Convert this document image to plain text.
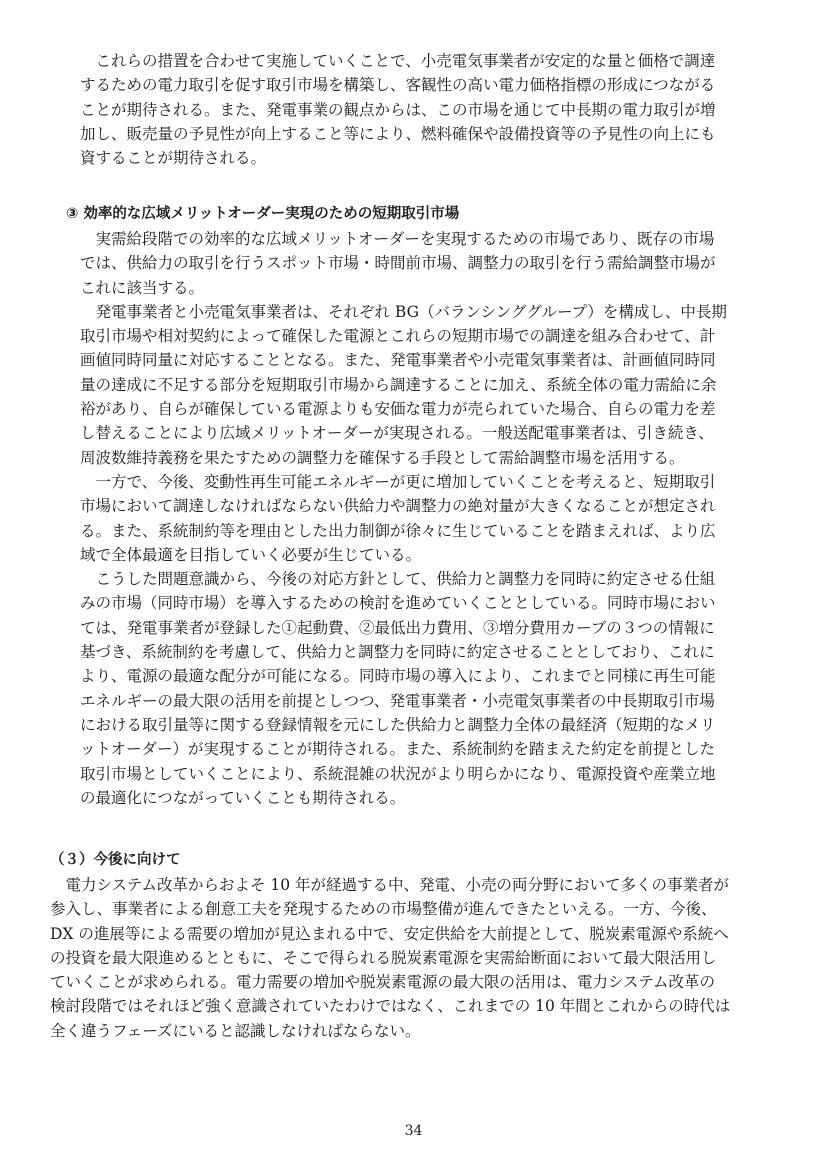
　これらの措置を合わせて実施していくことで、小売電気事業者が安定的な量と価格で調達
するための電力取引を促す取引市場を構築し、客観性の高い電力価格指標の形成につながる
ことが期待される。また、発電事業の観点からは、この市場を通じて中長期の電力取引が増
加し、販売量の予見性が向上すること等により、燃料確保や設備投資等の予見性の向上にも
資することが期待される。
③ 効率的な広域メリットオーダー実現のための短期取引市場
　実需給段階での効率的な広域メリットオーダーを実現するための市場であり、既存の市場
では、供給力の取引を行うスポット市場・時間前市場、調整力の取引を行う需給調整市場が
これに該当する。
　発電事業者と小売電気事業者は、それぞれ BG（バランシンググループ）を構成し、中長期
取引市場や相対契約によって確保した電源とこれらの短期市場での調達を組み合わせて、計
画値同時同量に対応することとなる。また、発電事業者や小売電気事業者は、計画値同時同
量の達成に不足する部分を短期取引市場から調達することに加え、系統全体の電力需給に余
裕があり、自らが確保している電源よりも安価な電力が売られていた場合、自らの電力を差
し替えることにより広域メリットオーダーが実現される。一般送配電事業者は、引き続き、
周波数維持義務を果たすための調整力を確保する手段として需給調整市場を活用する。
　一方で、今後、変動性再生可能エネルギーが更に増加していくことを考えると、短期取引
市場において調達しなければならない供給力や調整力の絶対量が大きくなることが想定され
る。また、系統制約等を理由とした出力制御が徐々に生じていることを踏まえれば、より広
域で全体最適を目指していく必要が生じている。
　こうした問題意識から、今後の対応方針として、供給力と調整力を同時に約定させる仕組
みの市場（同時市場）を導入するための検討を進めていくこととしている。同時市場におい
ては、発電事業者が登録した①起動費、②最低出力費用、③増分費用カーブの３つの情報に
基づき、系統制約を考慮して、供給力と調整力を同時に約定させることとしており、これに
より、電源の最適な配分が可能になる。同時市場の導入により、これまでと同様に再生可能
エネルギーの最大限の活用を前提としつつ、発電事業者・小売電気事業者の中長期取引市場
における取引量等に関する登録情報を元にした供給力と調整力全体の最経済（短期的なメリ
ットオーダー）が実現することが期待される。また、系統制約を踏まえた約定を前提とした
取引市場としていくことにより、系統混雑の状況がより明らかになり、電源投資や産業立地
の最適化につながっていくことも期待される。
（３）今後に向けて
　電力システム改革からおよそ 10 年が経過する中、発電、小売の両分野において多くの事業者が
参入し、事業者による創意工夫を発現するための市場整備が進んできたといえる。一方、今後、
DX の進展等による需要の増加が見込まれる中で、安定供給を大前提として、脱炭素電源や系統へ
の投資を最大限進めるとともに、そこで得られる脱炭素電源を実需給断面において最大限活用し
ていくことが求められる。電力需要の増加や脱炭素電源の最大限の活用は、電力システム改革の
検討段階ではそれほど強く意識されていたわけではなく、これまでの 10 年間とこれからの時代は
全く違うフェーズにいると認識しなければならない。
34
